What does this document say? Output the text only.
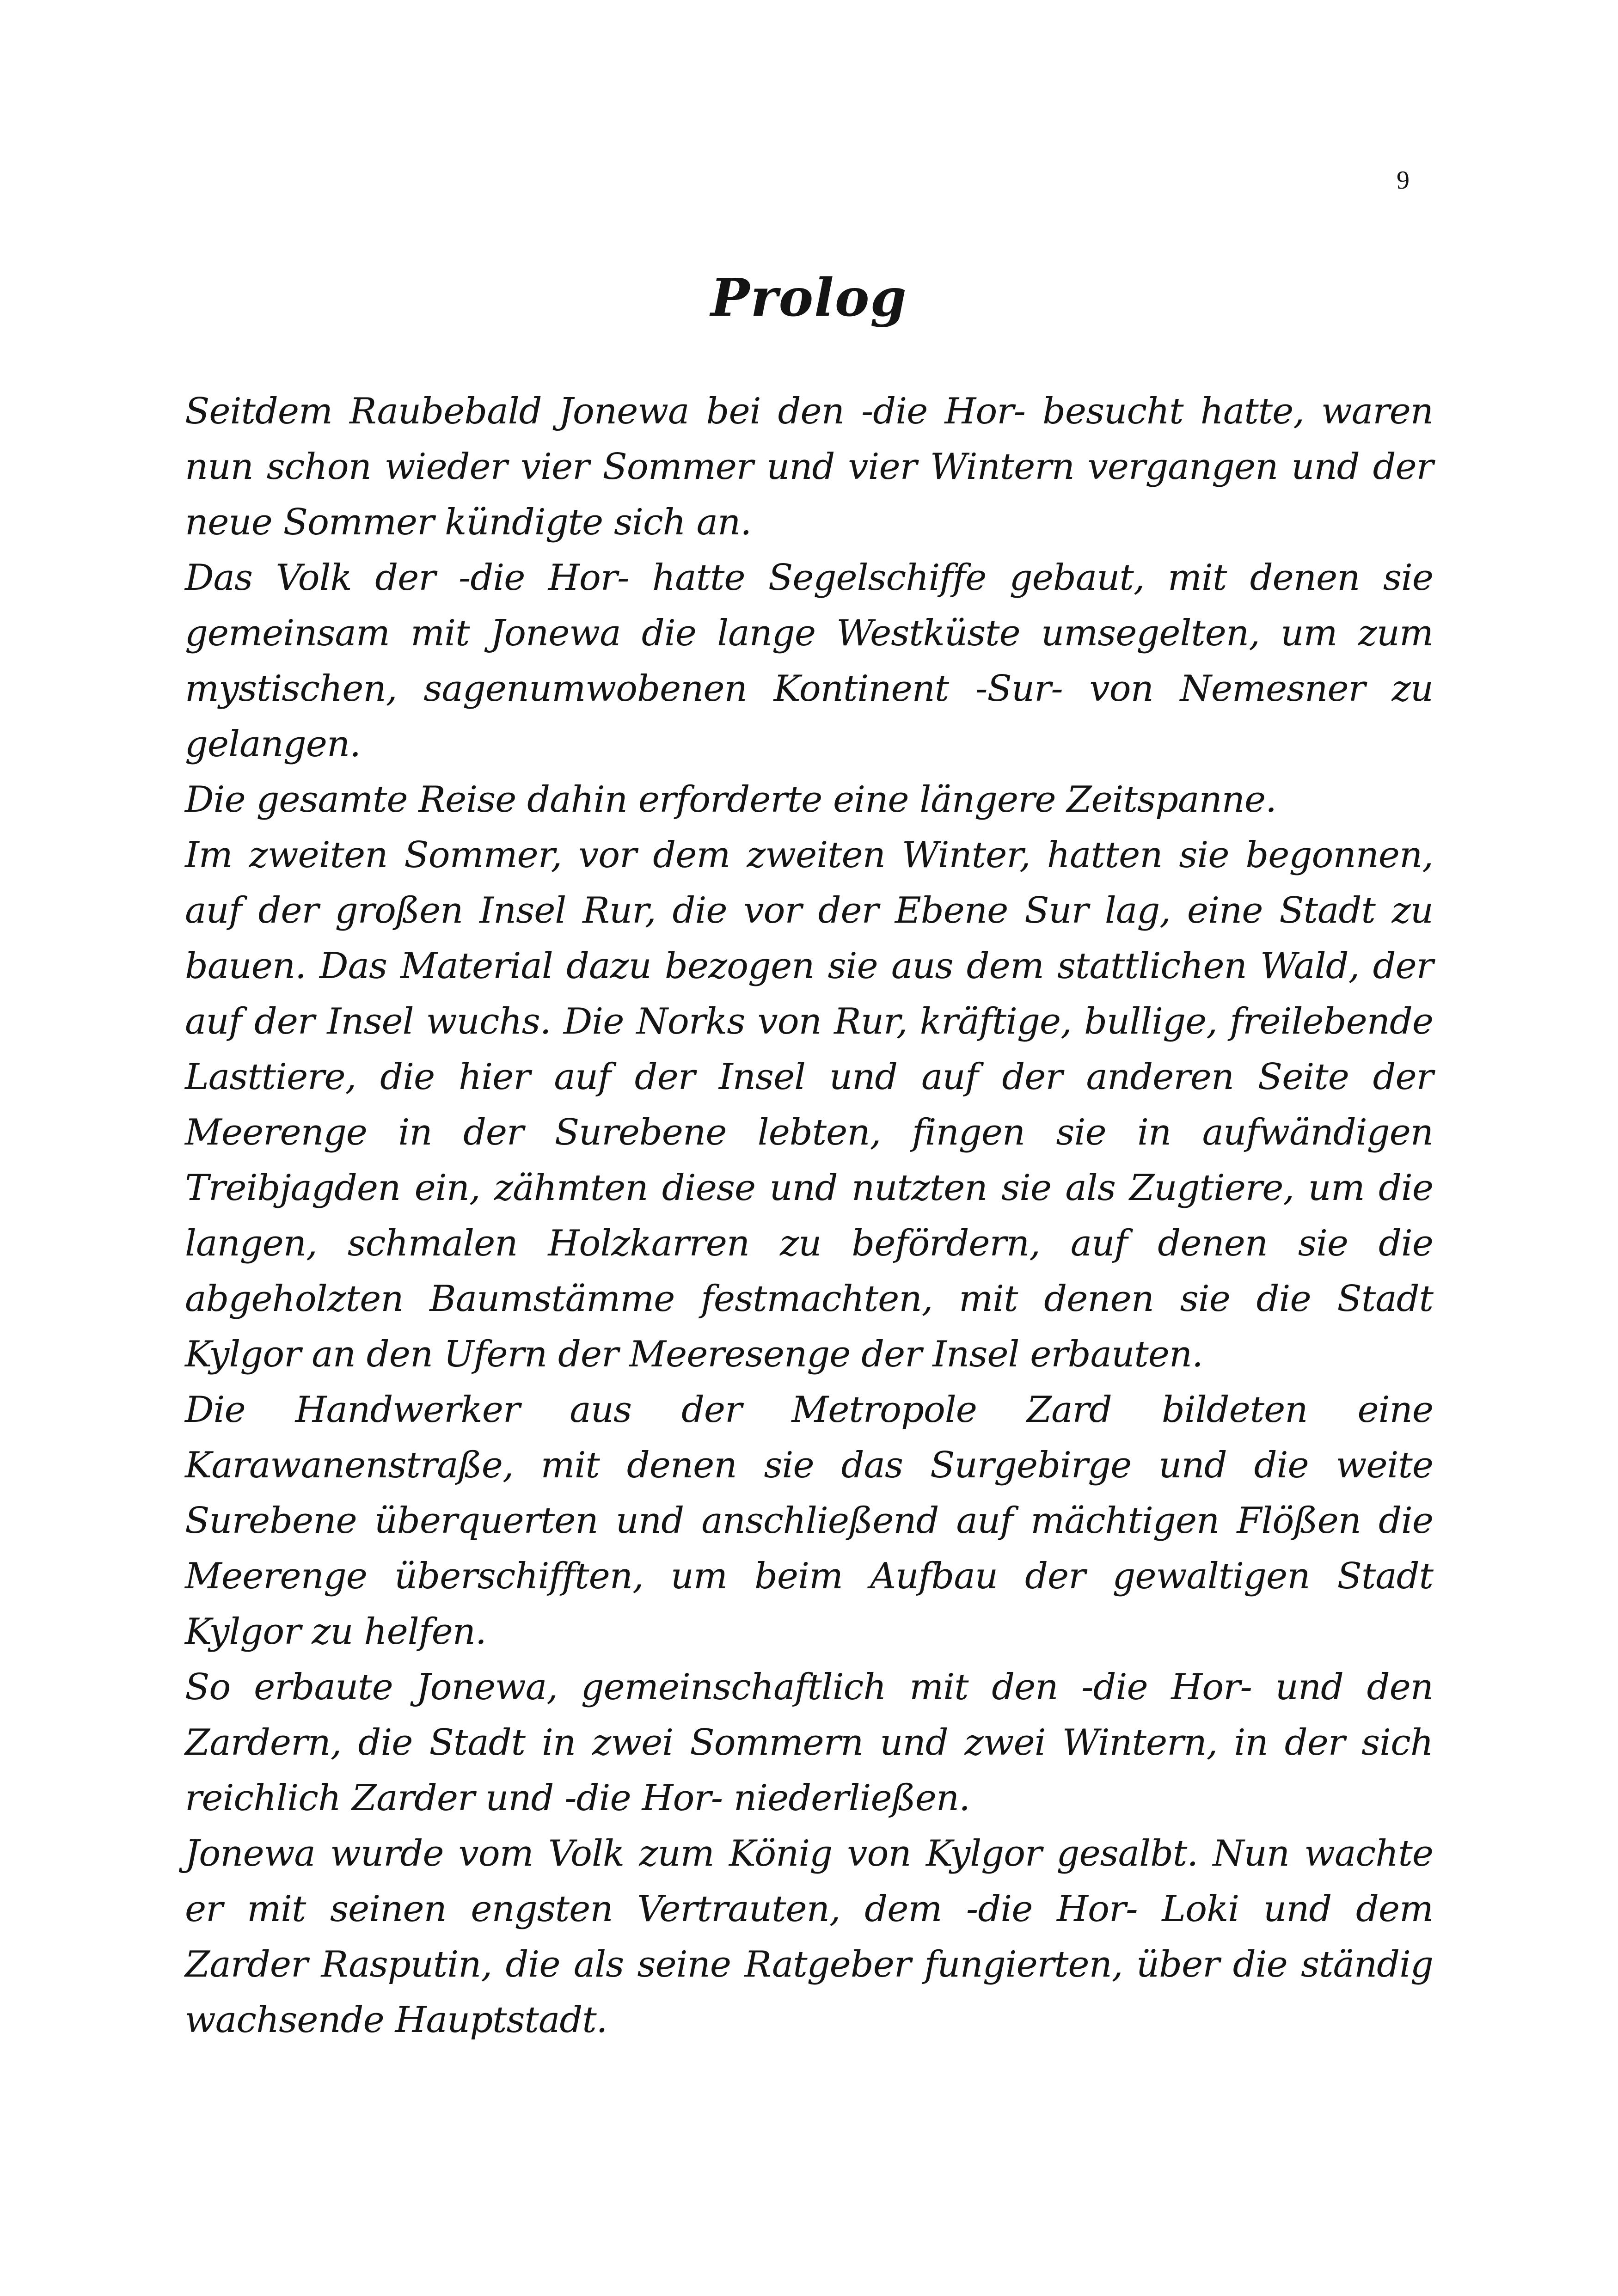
9
Prolog

Seitdem Raubebald Jonewa bei den -die Hor- besucht hatte, waren nun schon wieder vier Sommer und vier Wintern vergangen und der neue Sommer kündigte sich an.

Das Volk der -die Hor- hatte Segelschiffe gebaut, mit denen sie gemeinsam mit Jonewa die lange Westküste umsegelten, um zum mystischen, sagenumwobenen Kontinent -Sur- von Nemesner zu gelangen.

Die gesamte Reise dahin erforderte eine längere Zeitspanne.

Im zweiten Sommer, vor dem zweiten Winter, hatten sie begonnen, auf der großen Insel Rur, die vor der Ebene Sur lag, eine Stadt zu bauen. Das Material dazu bezogen sie aus dem stattlichen Wald, der auf der Insel wuchs. Die Norks von Rur, kräftige, bullige, freilebende Lasttiere, die hier auf der Insel und auf der anderen Seite der Meerenge in der Surebene lebten, fingen sie in aufwändigen Treibjagden ein, zähmten diese und nutzten sie als Zugtiere, um die langen, schmalen Holzkarren zu befördern, auf denen sie die abgeholzten Baumstämme festmachten, mit denen sie die Stadt Kylgor an den Ufern der Meeresenge der Insel erbauten.

Die Handwerker aus der Metropole Zard bildeten eine Karawanenstraße, mit denen sie das Surgebirge und die weite Surebene überquerten und anschließend auf mächtigen Flößen die Meerenge überschifften, um beim Aufbau der gewaltigen Stadt Kylgor zu helfen.

So erbaute Jonewa, gemeinschaftlich mit den -die Hor- und den Zardern, die Stadt in zwei Sommern und zwei Wintern, in der sich reichlich Zarder und -die Hor- niederließen.

Jonewa wurde vom Volk zum König von Kylgor gesalbt. Nun wachte er mit seinen engsten Vertrauten, dem -die Hor- Loki und dem Zarder Rasputin, die als seine Ratgeber fungierten, über die ständig wachsende Hauptstadt.
